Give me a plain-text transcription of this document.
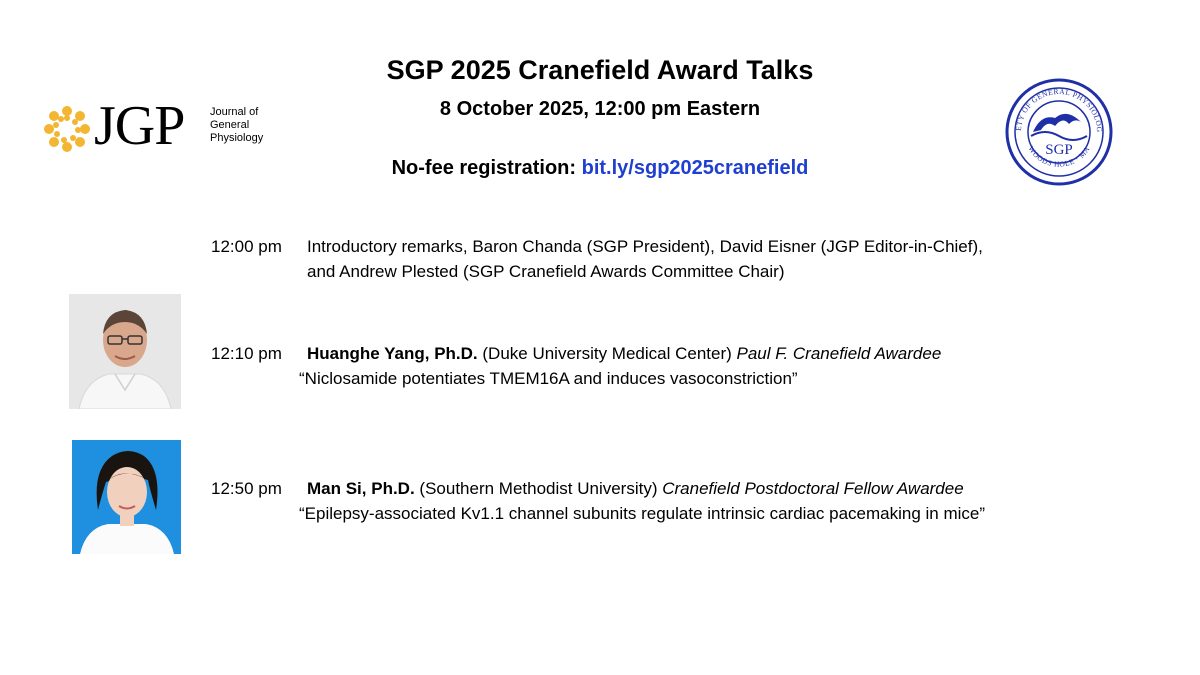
SGP 2025 Cranefield Award Talks
8 October 2025, 12:00 pm Eastern
No-fee registration: bit.ly/sgp2025cranefield
JGP Journal of
General
Physiology
ETY OF GENERAL PHYSIOLOG
WOODS HOLE · MA
SGP
12:00 pm Introductory remarks, Baron Chanda (SGP President), David Eisner (JGP Editor-in-Chief),
and Andrew Plested (SGP Cranefield Awards Committee Chair)
12:10 pm Huanghe Yang, Ph.D. (Duke University Medical Center) Paul F. Cranefield Awardee
“Niclosamide potentiates TMEM16A and induces vasoconstriction”
12:50 pm Man Si, Ph.D. (Southern Methodist University) Cranefield Postdoctoral Fellow Awardee
“Epilepsy-associated Kv1.1 channel subunits regulate intrinsic cardiac pacemaking in mice”
